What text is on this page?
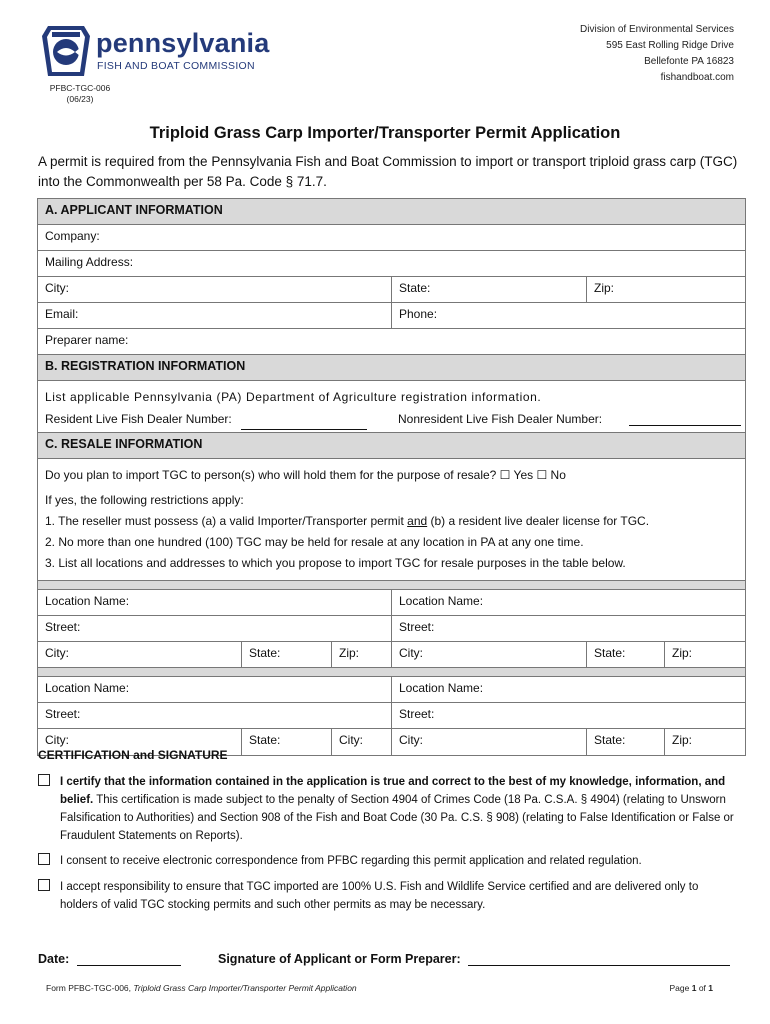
pennsylvania
FISH AND BOAT COMMISSION
Division of Environmental Services
595 East Rolling Ridge Drive
Bellefonte PA 16823
fishandboat.com
PFBC-TGC-006
(06/23)
Triploid Grass Carp Importer/Transporter Permit Application
A permit is required from the Pennsylvania Fish and Boat Commission to import or transport triploid grass carp (TGC) into the Commonwealth per 58 Pa. Code § 71.7.
A. APPLICANT INFORMATION
Company:
Mailing Address:
City:	State:	Zip:
Email:	Phone:
Preparer name:
B. REGISTRATION INFORMATION
List applicable Pennsylvania (PA) Department of Agriculture registration information.
Resident Live Fish Dealer Number:	Nonresident Live Fish Dealer Number:
C. RESALE INFORMATION
Do you plan to import TGC to person(s) who will hold them for the purpose of resale? ☐ Yes ☐ No
If yes, the following restrictions apply:
1. The reseller must possess (a) a valid Importer/Transporter permit and (b) a resident live dealer license for TGC.
2. No more than one hundred (100) TGC may be held for resale at any location in PA at any one time.
3. List all locations and addresses to which you propose to import TGC for resale purposes in the table below.
Location Name:	Location Name:
Street:	Street:
City:	State:	Zip:	City:	State:	Zip:
Location Name:	Location Name:
Street:	Street:
City:	State:	City:	City:	State:	Zip:
CERTIFICATION and SIGNATURE
I certify that the information contained in the application is true and correct to the best of my knowledge, information, and belief. This certification is made subject to the penalty of Section 4904 of Crimes Code (18 Pa. C.S.A. § 4904) (relating to Unsworn Falsification to Authorities) and Section 908 of the Fish and Boat Code (30 Pa. C.S. § 908) (relating to False Identification or False or Fraudulent Statements on Reports).
I consent to receive electronic correspondence from PFBC regarding this permit application and related regulation.
I accept responsibility to ensure that TGC imported are 100% U.S. Fish and Wildlife Service certified and are delivered only to holders of valid TGC stocking permits and such other permits as may be necessary.
Date:	Signature of Applicant or Form Preparer:
Form PFBC-TGC-006, Triploid Grass Carp Importer/Transporter Permit Application	Page 1 of 1
